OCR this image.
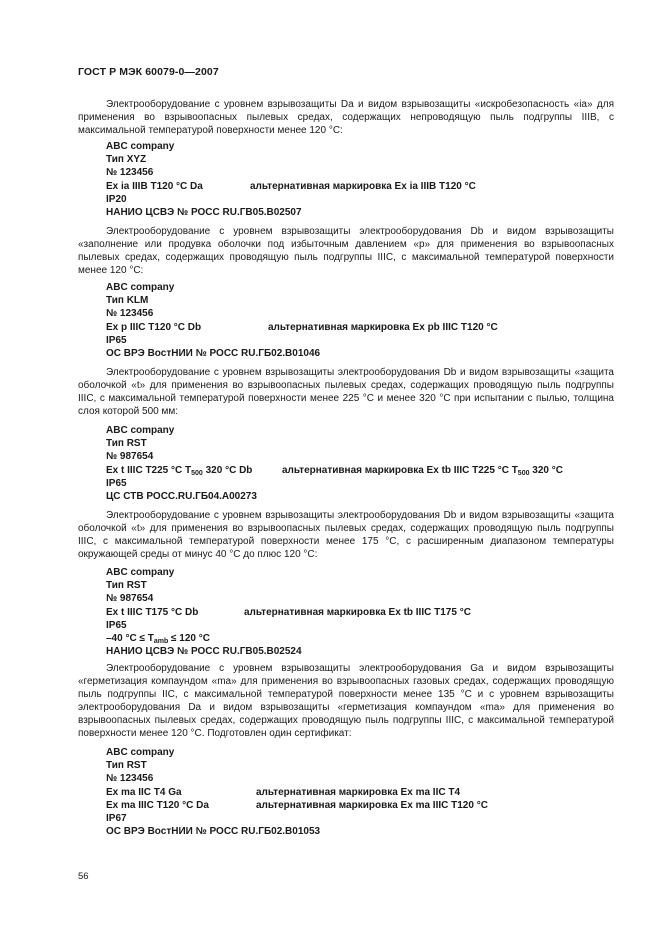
ГОСТ Р МЭК 60079-0—2007
Электрооборудование с уровнем взрывозащиты Da и видом взрывозащиты «искробезопасность «ia» для применения во взрывоопасных пылевых средах, содержащих непроводящую пыль подгруппы IIIB, с максимальной температурой поверхности менее 120 °С:
ABC company
Тип XYZ
№ 123456
Ex ia IIIB T120 °C Da	альтернативная маркировка Ex ia IIIB T120 °C
IP20
НАНИО ЦСВЭ № РОСС RU.ГВ05.В02507
Электрооборудование с уровнем взрывозащиты электрооборудования Db и видом взрывозащиты «заполнение или продувка оболочки под избыточным давлением «р» для применения во взрывоопасных пылевых средах, содержащих проводящую пыль подгруппы IIIC, с максимальной температурой поверхности менее 120 °С:
ABC company
Тип KLM
№ 123456
Ex p IIIC T120 °C Db	альтернативная маркировка Ex pb IIIC T120 °C
IP65
ОС ВРЭ ВостНИИ № РОСС RU.ГБ02.В01046
Электрооборудование с уровнем взрывозащиты электрооборудования Db и видом взрывозащиты «защита оболочкой «t» для применения во взрывоопасных пылевых средах, содержащих проводящую пыль подгруппы IIIC, с максимальной температурой поверхности менее 225 °С и менее 320 °С при испытании с пылью, толщина слоя которой 500 мм:
ABC company
Тип RST
№ 987654
Ex t IIIC T225 °C $T_{500}$ 320 °C Db	альтернативная маркировка Ex tb IIIC T225 °C $T_{500}$ 320 °C
IP65
ЦС СТВ РОСС.RU.ГБ04.А00273
Электрооборудование с уровнем взрывозащиты электрооборудования Db и видом взрывозащиты «защита оболочкой «t» для применения во взрывоопасных пылевых средах, содержащих проводящую пыль подгруппы IIIC, с максимальной температурой поверхности менее 175 °С, с расширенным диапазоном температуры окружающей среды от минус 40 °С до плюс 120 °С:
ABC company
Тип RST
№ 987654
Ex t IIIC T175 °C Db	альтернативная маркировка Ex tb IIIC T175 °C
IP65
–40 $^\circ С \le T_{amb} \le 120$ °С
НАНИО ЦСВЭ № РОСС RU.ГВ05.В02524
Электрооборудование с уровнем взрывозащиты электрооборудования Ga и видом взрывозащиты «герметизация компаундом «ma» для применения во взрывоопасных газовых средах, содержащих проводящую пыль подгруппы IIC, с максимальной температурой поверхности менее 135 °С и с уровнем взрывозащиты электрооборудования Da и видом взрывозащиты «герметизация компаундом «ma» для применения во взрывоопасных пылевых средах, содержащих проводящую пыль подгруппы IIIC, с максимальной температурой поверхности менее 120 °С. Подготовлен один сертификат:
ABC company
Тип RST
№ 123456
Ex ma IIC T4 Ga	альтернативная маркировка Ex ma IIC T4
Ex ma IIIC T120 °C Da	альтернативная маркировка Ex ma IIIC T120 °C
IP67
ОС ВРЭ ВостНИИ № РОСС RU.ГБ02.В01053
56
